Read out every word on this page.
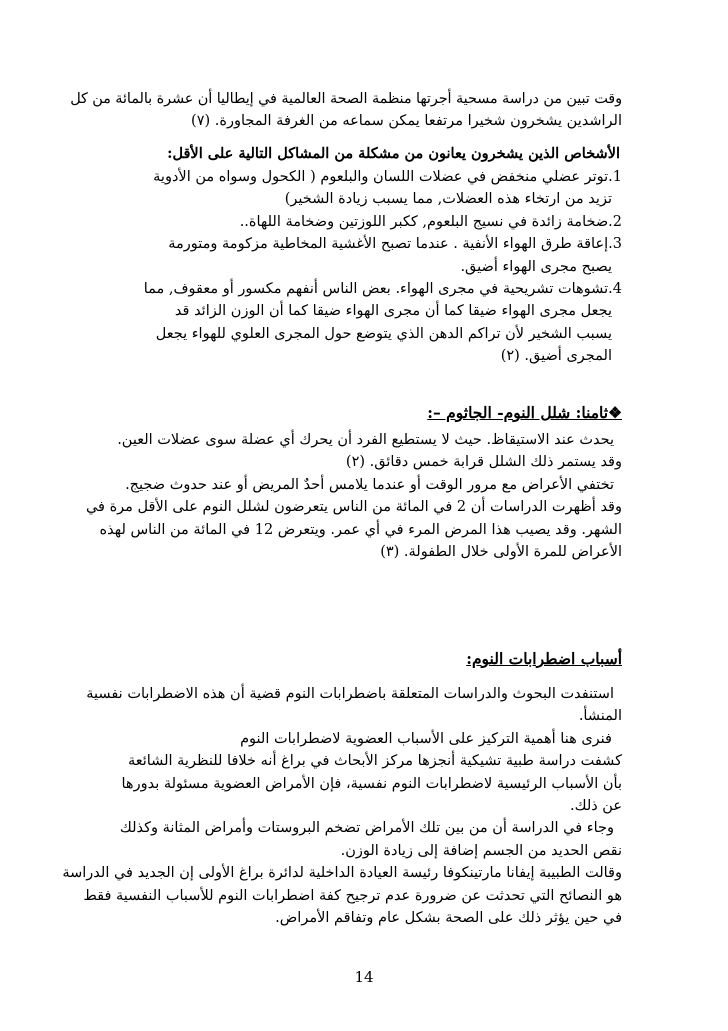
وقت تبين من دراسة مسحية أجرتها منظمة الصحة العالمية في إيطاليا أن عشرة بالمائة من كل
الراشدين يشخرون شخيرا مرتفعا يمكن سماعه من الغرفة المجاورة. (٧)
الأشخاص الذين يشخرون يعانون من مشكلة من المشاكل التالية على الأقل:
1.توتر عضلي منخفض في عضلات اللسان والبلعوم ( الكحول وسواه من الأدوية
تزيد من ارتخاء هذه العضلات, مما يسبب زيادة الشخير)
2.ضخامة زائدة في نسيج البلعوم, ككبر اللوزتين وضخامة اللهاة..
3.إعاقة طرق الهواء الأنفية . عندما تصبح الأغشية المخاطية مزكومة ومتورمة
يصبح مجرى الهواء أضيق.
4.تشوهات تشريحية في مجرى الهواء. بعض الناس أنفهم مكسور أو معقوف, مما
يجعل مجرى الهواء ضيقا كما أن مجرى الهواء ضيقا كما أن الوزن الزائد قد
يسبب الشخير لأن تراكم الدهن الذي يتوضع حول المجرى العلوي للهواء يجعل
المجرى أضيق. (٢)
❖ثامنا: شلل النوم- الجاثوم –:
يحدث عند الاستيقاظ. حيث لا يستطيع الفرد أن يحرك أي عضلة سوى عضلات العين.
وقد يستمر ذلك الشلل قرابة خمس دقائق. (٢)
تختفي الأعراض مع مرور الوقت أو عندما يلامس أحدٌ المريض أو عند حدوث ضجيج.
وقد أظهرت الدراسات أن 2 في المائة من الناس يتعرضون لشلل النوم على الأقل مرة في
الشهر. وقد يصيب هذا المرض المرء في أي عمر. ويتعرض 12 في المائة من الناس لهذه
الأعراض للمرة الأولى خلال الطفولة. (٣)
أسباب اضطرابات النوم:
استنفدت البحوث والدراسات المتعلقة باضطرابات النوم قضية أن هذه الاضطرابات نفسية
المنشأ.
فنرى هنا أهمية التركيز على الأسباب العضوية لاضطرابات النوم
كشفت دراسة طبية تشيكية أنجزها مركز الأبحاث في براغ أنه خلافا للنظرية الشائعة
بأن الأسباب الرئيسية لاضطرابات النوم نفسية، فإن الأمراض العضوية مسئولة بدورها
عن ذلك.
وجاء في الدراسة أن من بين تلك الأمراض تضخم البروستات وأمراض المثانة وكذلك
نقص الحديد من الجسم إضافة إلى زيادة الوزن.
وقالت الطبيبة إيفانا مارتينكوفا رئيسة العيادة الداخلية لدائرة براغ الأولى إن الجديد في الدراسة
هو النصائح التي تحدثت عن ضرورة عدم ترجيح كفة اضطرابات النوم للأسباب النفسية فقط
في حين يؤثر ذلك على الصحة بشكل عام وتفاقم الأمراض.
14
